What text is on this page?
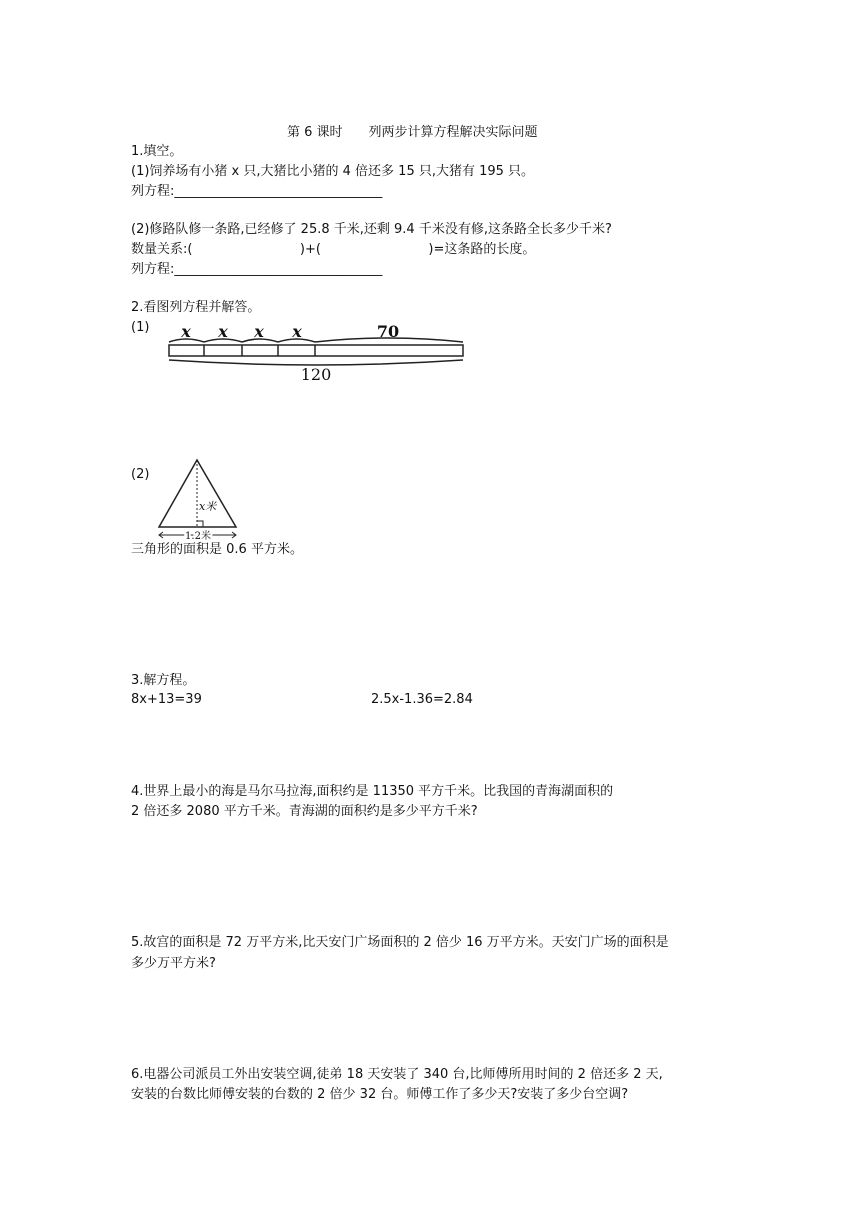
第 6 课时　　列两步计算方程解决实际问题
1.填空。
(1)饲养场有小猪 x 只,大猪比小猪的 4 倍还多 15 只,大猪有 195 只。
列方程:________________________________
(2)修路队修一条路,已经修了 25.8 千米,还剩 9.4 千米没有修,这条路全长多少千米?
数量关系:(                          )+(                          )=这条路的长度。
列方程:________________________________
2.看图列方程并解答。
(1) x x x x	70
120
(2)
x米
1.2米
三角形的面积是 0.6 平方米。
3.解方程。
8x+13=39	2.5x-1.36=2.84
4.世界上最小的海是马尔马拉海,面积约是 11350 平方千米。比我国的青海湖面积的
2 倍还多 2080 平方千米。青海湖的面积约是多少平方千米?
5.故宫的面积是 72 万平方米,比天安门广场面积的 2 倍少 16 万平方米。天安门广场的面积是
多少万平方米?
6.电器公司派员工外出安装空调,徒弟 18 天安装了 340 台,比师傅所用时间的 2 倍还多 2 天,
安装的台数比师傅安装的台数的 2 倍少 32 台。师傅工作了多少天?安装了多少台空调?
